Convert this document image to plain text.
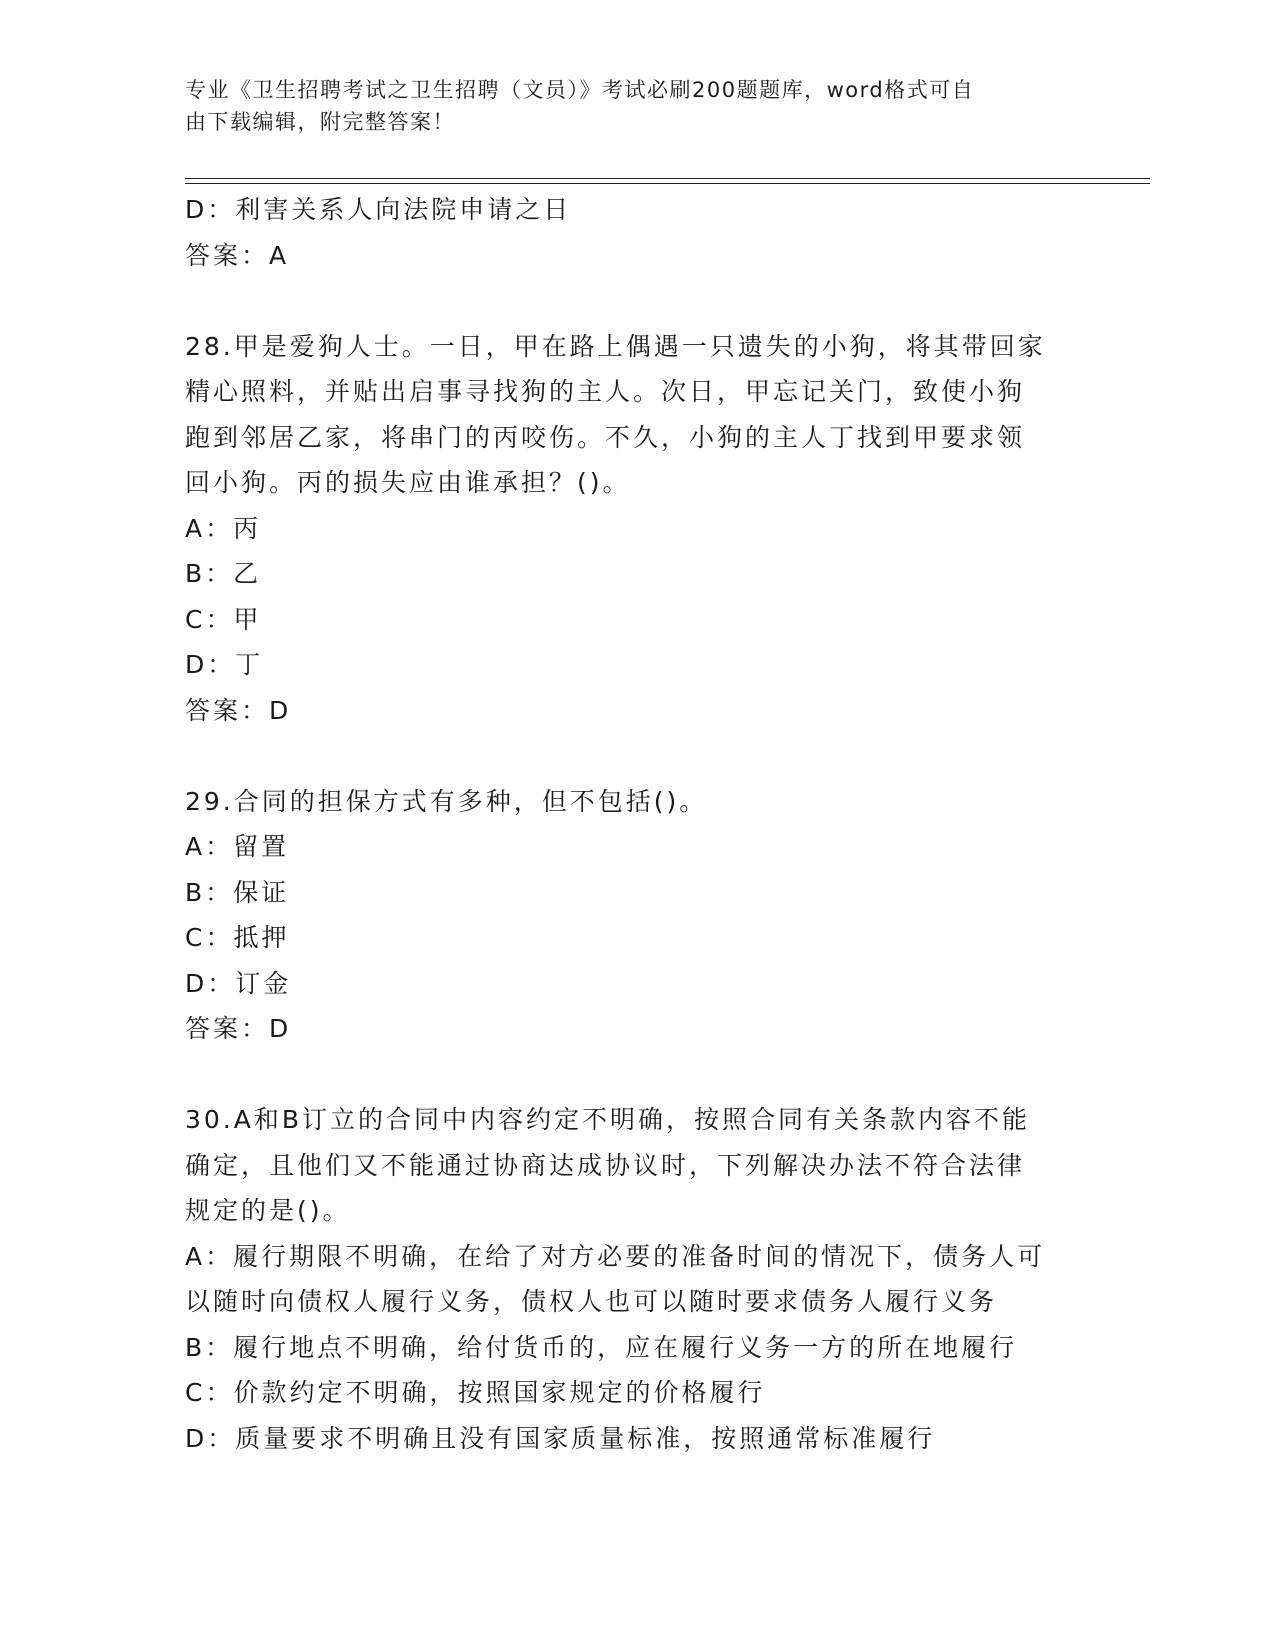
专业《卫生招聘考试之卫生招聘（文员）》考试必刷200题题库，word格式可自
由下载编辑，附完整答案！
D：利害关系人向法院申请之日
答案：A
28.甲是爱狗人士。一日，甲在路上偶遇一只遗失的小狗，将其带回家
精心照料，并贴出启事寻找狗的主人。次日，甲忘记关门，致使小狗
跑到邻居乙家，将串门的丙咬伤。不久，小狗的主人丁找到甲要求领
回小狗。丙的损失应由谁承担？()。
A：丙
B：乙
C：甲
D：丁
答案：D
29.合同的担保方式有多种，但不包括()。
A：留置
B：保证
C：抵押
D：订金
答案：D
30.A和B订立的合同中内容约定不明确，按照合同有关条款内容不能
确定，且他们又不能通过协商达成协议时，下列解决办法不符合法律
规定的是()。
A：履行期限不明确，在给了对方必要的准备时间的情况下，债务人可
以随时向债权人履行义务，债权人也可以随时要求债务人履行义务
B：履行地点不明确，给付货币的，应在履行义务一方的所在地履行
C：价款约定不明确，按照国家规定的价格履行
D：质量要求不明确且没有国家质量标准，按照通常标准履行
